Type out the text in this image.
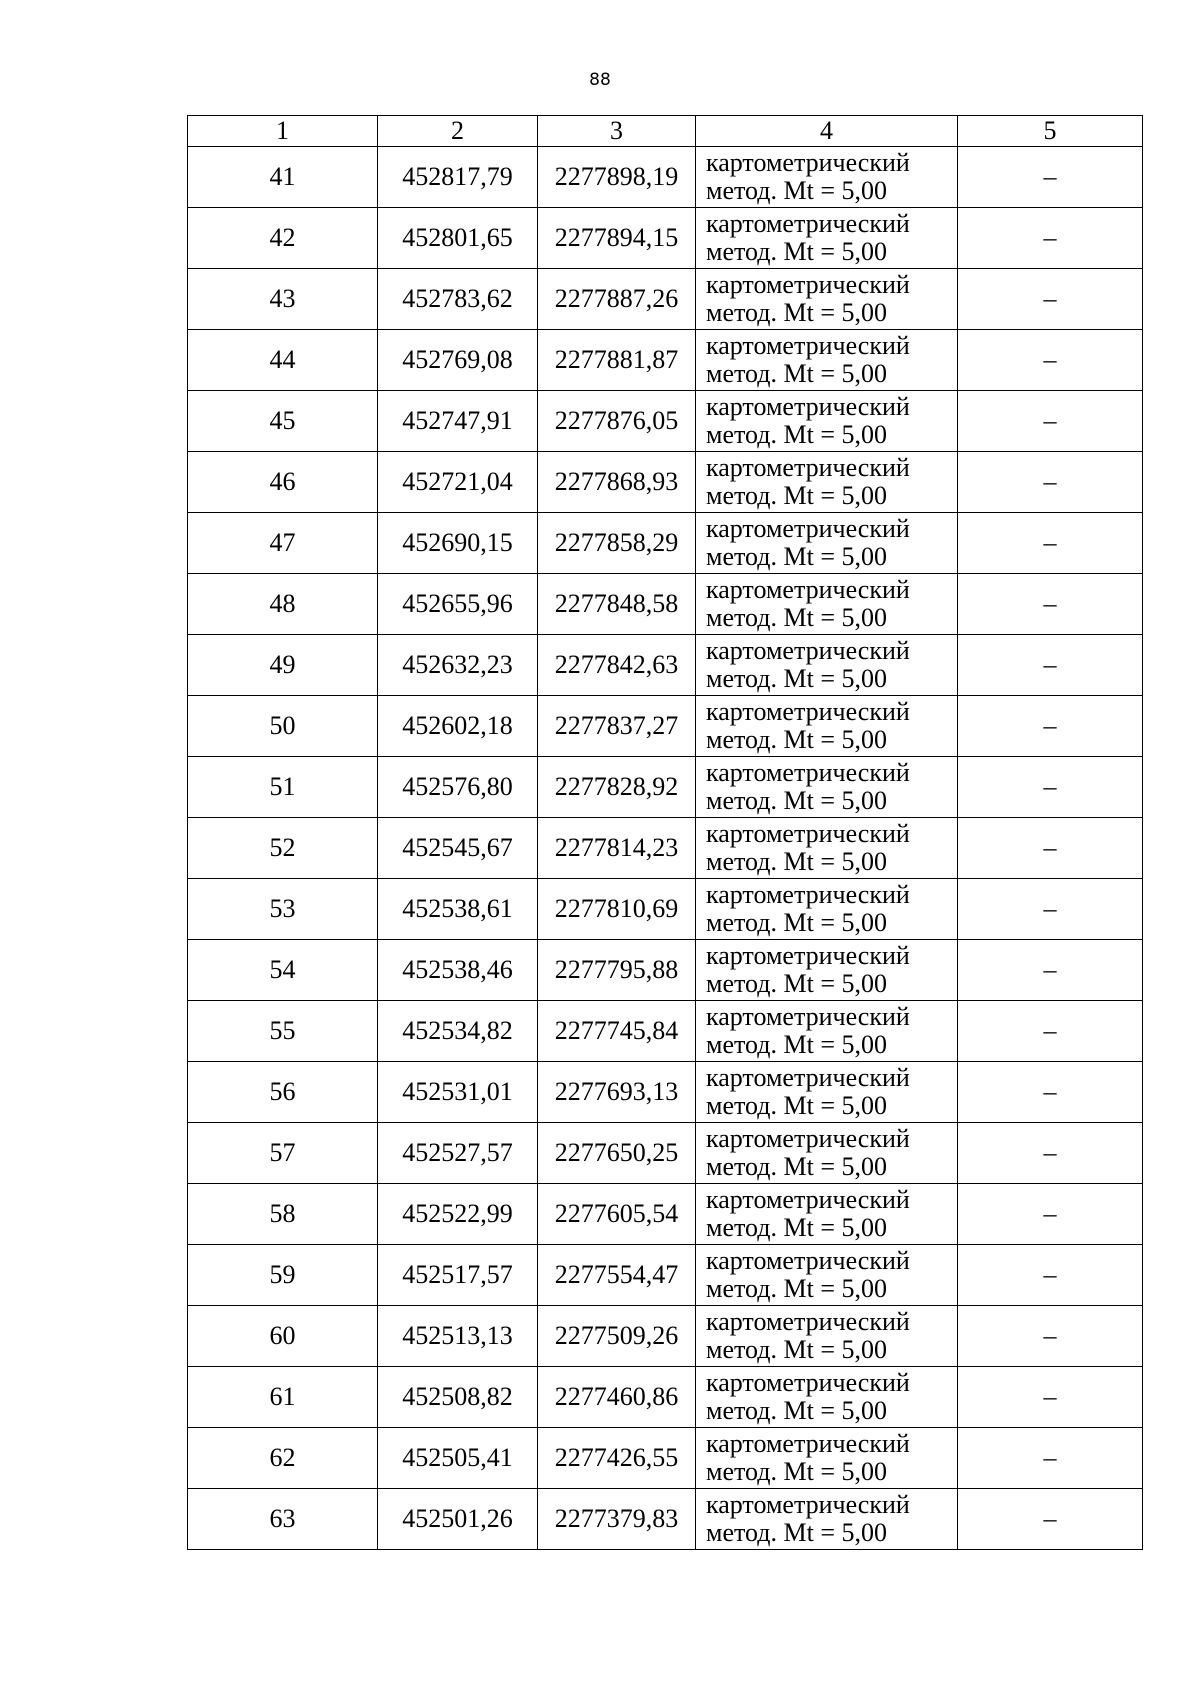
88
1	2	3	4	5
41	452817,79	2277898,19	картометрический
метод. Mt = 5,00	–
42	452801,65	2277894,15	картометрический
метод. Mt = 5,00	–
43	452783,62	2277887,26	картометрический
метод. Mt = 5,00	–
44	452769,08	2277881,87	картометрический
метод. Mt = 5,00	–
45	452747,91	2277876,05	картометрический
метод. Mt = 5,00	–
46	452721,04	2277868,93	картометрический
метод. Mt = 5,00	–
47	452690,15	2277858,29	картометрический
метод. Mt = 5,00	–
48	452655,96	2277848,58	картометрический
метод. Mt = 5,00	–
49	452632,23	2277842,63	картометрический
метод. Mt = 5,00	–
50	452602,18	2277837,27	картометрический
метод. Mt = 5,00	–
51	452576,80	2277828,92	картометрический
метод. Mt = 5,00	–
52	452545,67	2277814,23	картометрический
метод. Mt = 5,00	–
53	452538,61	2277810,69	картометрический
метод. Mt = 5,00	–
54	452538,46	2277795,88	картометрический
метод. Mt = 5,00	–
55	452534,82	2277745,84	картометрический
метод. Mt = 5,00	–
56	452531,01	2277693,13	картометрический
метод. Mt = 5,00	–
57	452527,57	2277650,25	картометрический
метод. Mt = 5,00	–
58	452522,99	2277605,54	картометрический
метод. Mt = 5,00	–
59	452517,57	2277554,47	картометрический
метод. Mt = 5,00	–
60	452513,13	2277509,26	картометрический
метод. Mt = 5,00	–
61	452508,82	2277460,86	картометрический
метод. Mt = 5,00	–
62	452505,41	2277426,55	картометрический
метод. Mt = 5,00	–
63	452501,26	2277379,83	картометрический
метод. Mt = 5,00	–
